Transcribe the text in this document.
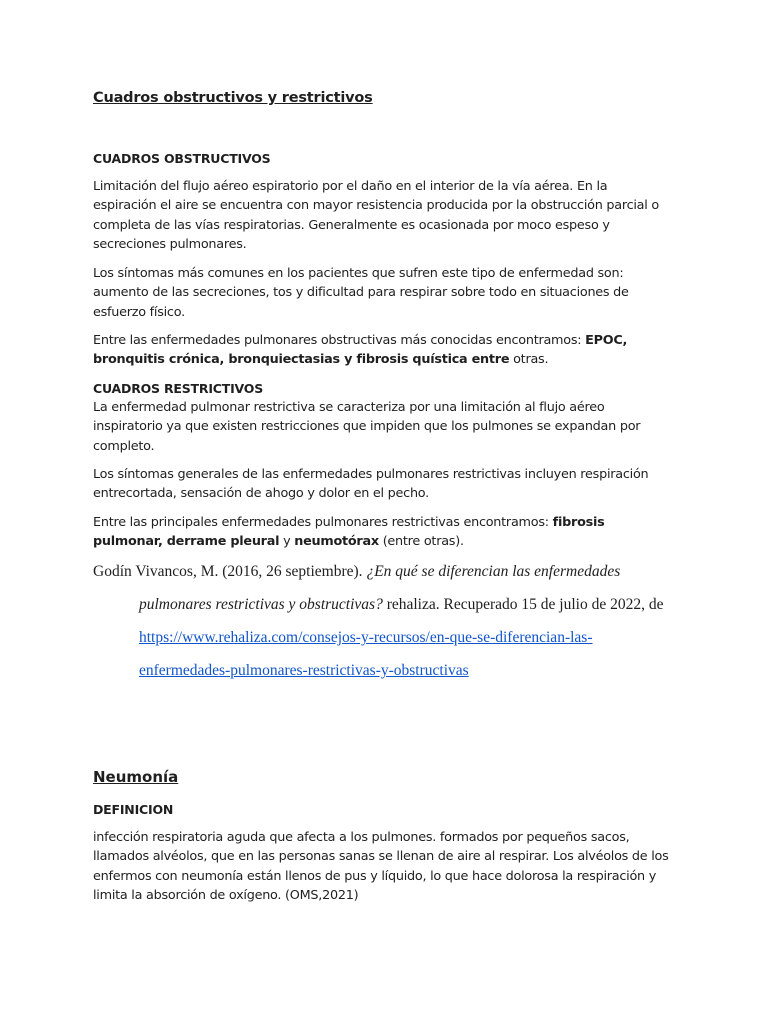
Cuadros obstructivos y restrictivos
CUADROS OBSTRUCTIVOS
Limitación del flujo aéreo espiratorio por el daño en el interior de la vía aérea. En la
espiración el aire se encuentra con mayor resistencia producida por la obstrucción parcial o
completa de las vías respiratorias. Generalmente es ocasionada por moco espeso y
secreciones pulmonares.
Los síntomas más comunes en los pacientes que sufren este tipo de enfermedad son:
aumento de las secreciones, tos y dificultad para respirar sobre todo en situaciones de
esfuerzo físico.
Entre las enfermedades pulmonares obstructivas más conocidas encontramos: EPOC,
bronquitis crónica, bronquiectasias y fibrosis quística entre otras.
CUADROS RESTRICTIVOS
La enfermedad pulmonar restrictiva se caracteriza por una limitación al flujo aéreo
inspiratorio ya que existen restricciones que impiden que los pulmones se expandan por
completo.
Los síntomas generales de las enfermedades pulmonares restrictivas incluyen respiración
entrecortada, sensación de ahogo y dolor en el pecho.
Entre las principales enfermedades pulmonares restrictivas encontramos: fibrosis
pulmonar, derrame pleural y neumotórax (entre otras).
Godín Vivancos, M. (2016, 26 septiembre). ¿En qué se diferencian las enfermedades
pulmonares restrictivas y obstructivas? rehaliza. Recuperado 15 de julio de 2022, de
https://www.rehaliza.com/consejos-y-recursos/en-que-se-diferencian-las-
enfermedades-pulmonares-restrictivas-y-obstructivas
Neumonía
DEFINICION
infección respiratoria aguda que afecta a los pulmones. formados por pequeños sacos,
llamados alvéolos, que en las personas sanas se llenan de aire al respirar. Los alvéolos de los
enfermos con neumonía están llenos de pus y líquido, lo que hace dolorosa la respiración y
limita la absorción de oxígeno. (OMS,2021)
